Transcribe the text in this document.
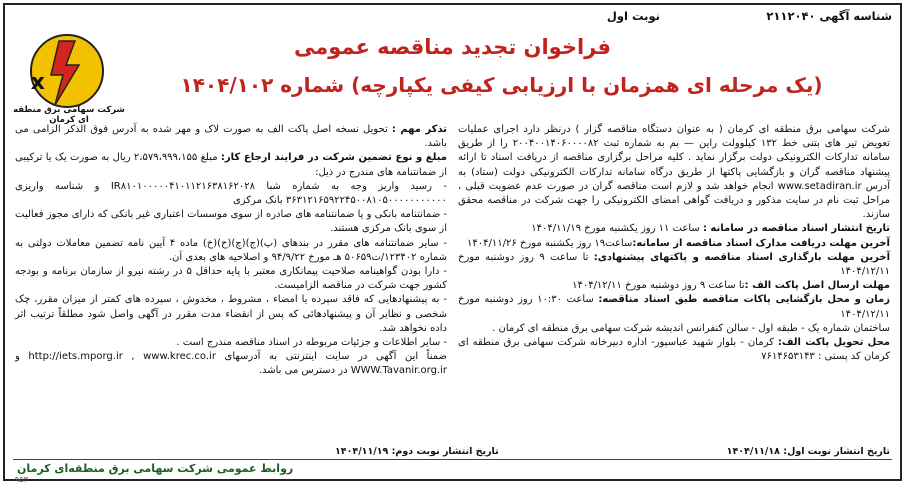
شناسه آگهی ۲۱۱۲۰۴۰
نوبت اول
x
شرکت سهامی برق منطقه ای کرمان
فراخوان تجدید مناقصه عمومی
(یک مرحله ای همزمان با ارزیابی کیفی یکپارچه) شماره ۱۴۰۴/۱۰۲

شرکت سهامی برق منطقه ای کرمان ( به عنوان دستگاه مناقصه گزار ) درنظر دارد اجرای عملیات تعویض تیر های بتنی خط ۱۳۲ کیلوولت راین — بم به شماره ثبت ۲۰۰۴۰۰۱۴۰۶۰۰۰۰۸۲ را از طریق سامانه تدارکات الکترونیکی دولت برگزار نماید . کلیه مراحل برگزاری مناقصه از دریافت اسناد تا ارائه پیشنهاد مناقصه گران و بازگشایی پاکتها از طریق درگاه سامانه تدارکات الکترونیکی دولت (ستاد) به آدرس www.setadiran.ir انجام خواهد شد و لازم است مناقصه گران در صورت عدم عضویت قبلی ، مراحل ثبت نام در سایت مذکور و دریافت گواهی امضای الکترونیکی را جهت شرکت در مناقصه محقق سازند.

تاریخ انتشار اسناد مناقصه در سامانه : ساعت ۱۱ روز یکشنبه مورخ ۱۴۰۴/۱۱/۱۹

آخرین مهلت دریافت مدارک اسناد مناقصه از سامانه:ساعت۱۹ روز یکشنبه مورخ ۱۴۰۴/۱۱/۲۶

آخرین مهلت بارگذاری اسناد مناقصه و پاکتهای پیشنهادی: تا ساعت ۹ روز دوشنبه مورخ ۱۴۰۴/۱۲/۱۱

مهلت ارسال اصل پاکت الف :تا ساعت ۹ روز دوشنبه مورخ ۱۴۰۴/۱۲/۱۱

زمان و محل بازگشایی پاکات مناقصه طبق اسناد مناقصه: ساعت ۱۰:۳۰ روز دوشنبه مورخ ۱۴۰۴/۱۲/۱۱

ساختمان شماره یک - طبقه اول - سالن کنفرانس اندیشه شرکت سهامی برق منطقه ای کرمان .

محل تحویل پاکت الف: کرمان - بلوار شهید عباسپور- اداره دبیرخانه شرکت سهامی برق منطقه ای کرمان کد پستی : ۷۶۱۴۶۵۳۱۴۳

تذکر مهم : تحویل نسخه اصل پاکت الف به صورت لاک و مهر شده به آدرس فوق الذکر الزامی می باشد.

مبلغ و نوع تضمین شرکت در فرایند ارجاع کار: مبلغ ۲،۵۷۹،۹۹۹،۱۵۵ ریال به صورت یک یا ترکیبی از ضمانتنامه های مندرج در ذیل:

- رسید واریز وجه به شماره شبا IR۸۱۰۱۰۰۰۰۰۴۱۰۱۱۲۱۶۳۸۱۶۲۰۲۸ و شناسه واریزی ۳۶۳۱۲۱۶۵۹۲۲۴۵۰۰۸۱۰۵۰۰۰۰۰۰۰۰۰۰۰ بانک مرکزی

- ضمانتنامه بانکی و یا ضمانتنامه های صادره از سوی موسسات اعتباری غیر بانکی که دارای مجوز فعالیت از سوی بانک مرکزی هستند.

- سایر ضمانتنامه های مقرر در بندهای (پ)(ج)(چ)(ح)(خ) ماده ۴ آیین نامه تضمین معاملات دولتی به شماره ۱۲۳۴۰۲/ت۵۰۶۵۹ هـ مورخ ۹۴/۹/۲۲ و اصلاحیه های بعدی آن.

- دارا بودن گواهینامه صلاحیت پیمانکاری معتبر با پایه حداقل ۵ در رشته نیرو از سازمان برنامه و بودجه کشور جهت شرکت در مناقصه الزامیست.

- به پیشنهادهایی که فاقد سپرده یا امضاء ، مشروط ، مخدوش ، سپرده های کمتر از میزان مقرر، چک شخصی و نظایر آن و پیشنهادهائی که پس از انقضاء مدت مقرر در آگهی واصل شود مطلقاً ترتیب اثر داده نخواهد شد.

- سایر اطلاعات و جزئیات مربوطه در اسناد مناقصه مندرج است .

ضمناً این آگهی در سایت اینترنتی به آدرسهای http://iets.mporg.ir , www.krec.co.ir و WWW.Tavanir.org.ir در دسترس می باشد.

تاریخ انتشار نوبت اول: ۱۴۰۴/۱۱/۱۸
تاریخ انتشار نوبت دوم: ۱۴۰۴/۱۱/۱۹
روابط عمومی شرکت سهامی برق منطقه‌ای کرمان
۹۵۳
